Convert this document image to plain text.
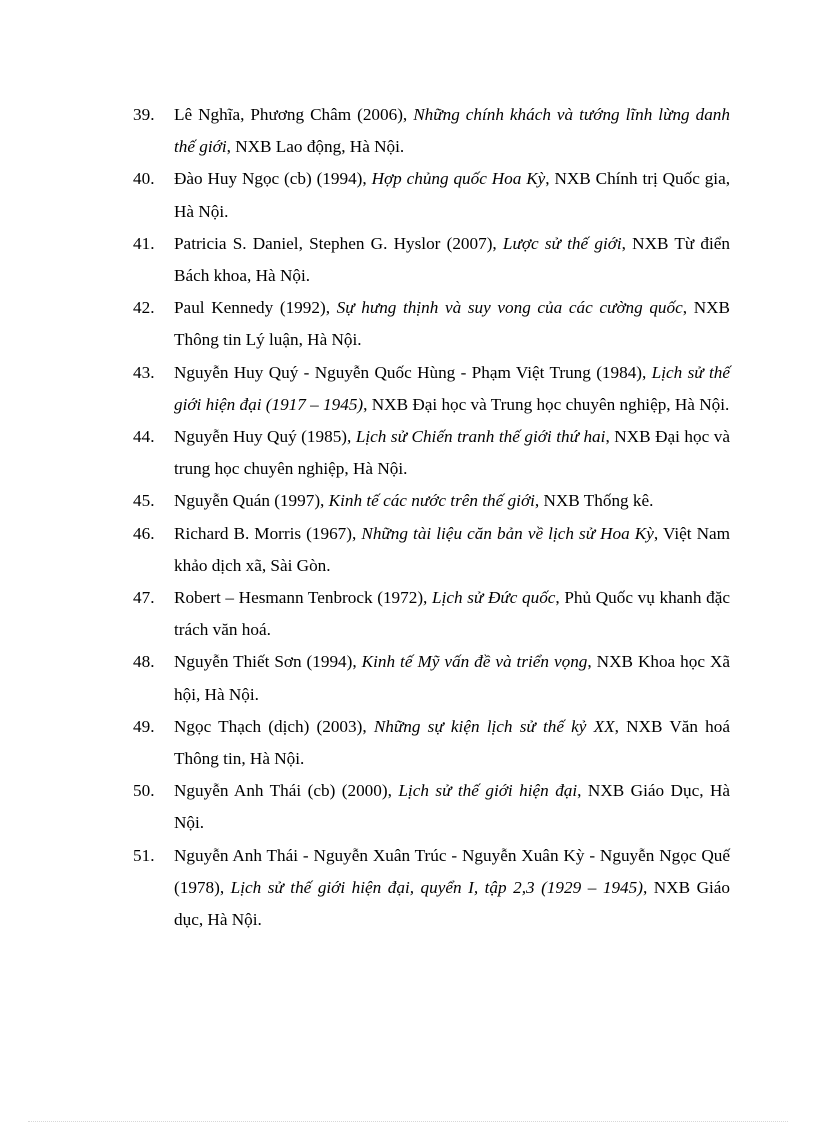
39. Lê Nghĩa, Phương Châm (2006), Những chính khách và tướng lĩnh lừng danh thế giới, NXB Lao động, Hà Nội.
40. Đào Huy Ngọc (cb) (1994), Hợp chủng quốc Hoa Kỳ, NXB Chính trị Quốc gia, Hà Nội.
41. Patricia S. Daniel, Stephen G. Hyslor (2007), Lược sử thế giới, NXB Từ điển Bách khoa, Hà Nội.
42. Paul Kennedy (1992), Sự hưng thịnh và suy vong của các cường quốc, NXB Thông tin Lý luận, Hà Nội.
43. Nguyễn Huy Quý - Nguyễn Quốc Hùng - Phạm Việt Trung (1984), Lịch sử thế giới hiện đại (1917 – 1945), NXB Đại học và Trung học chuyên nghiệp, Hà Nội.
44. Nguyễn Huy Quý (1985), Lịch sử Chiến tranh thế giới thứ hai, NXB Đại học và trung học chuyên nghiệp, Hà Nội.
45. Nguyễn Quán (1997), Kinh tế các nước trên thế giới, NXB Thống kê.
46. Richard B. Morris (1967), Những tài liệu căn bản về lịch sử Hoa Kỳ, Việt Nam khảo dịch xã, Sài Gòn.
47. Robert – Hesmann Tenbrock (1972), Lịch sử Đức quốc, Phủ Quốc vụ khanh đặc trách văn hoá.
48. Nguyễn Thiết Sơn (1994), Kinh tế Mỹ vấn đề và triển vọng, NXB Khoa học Xã hội, Hà Nội.
49. Ngọc Thạch (dịch) (2003), Những sự kiện lịch sử thế kỷ XX, NXB Văn hoá Thông tin, Hà Nội.
50. Nguyễn Anh Thái (cb) (2000), Lịch sử thế giới hiện đại, NXB Giáo Dục, Hà Nội.
51. Nguyễn Anh Thái - Nguyễn Xuân Trúc - Nguyễn Xuân Kỳ - Nguyễn Ngọc Quế (1978), Lịch sử thế giới hiện đại, quyển I, tập 2,3 (1929 – 1945), NXB Giáo dục, Hà Nội.
